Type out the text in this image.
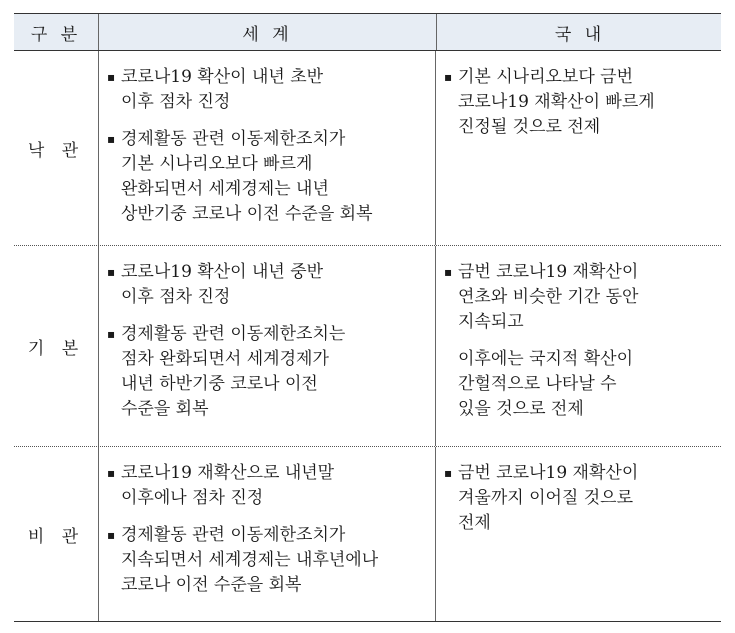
구 분	세 계	국 내
낙 관
▪ 코로나19 확산이 내년 초반
이후 점차 진정
▪ 경제활동 관련 이동제한조치가
기본 시나리오보다 빠르게
완화되면서 세계경제는 내년
상반기중 코로나 이전 수준을 회복
▪ 기본 시나리오보다 금번
코로나19 재확산이 빠르게
진정될 것으로 전제
기 본
▪ 코로나19 확산이 내년 중반
이후 점차 진정
▪ 경제활동 관련 이동제한조치는
점차 완화되면서 세계경제가
내년 하반기중 코로나 이전
수준을 회복
▪ 금번 코로나19 재확산이
연초와 비슷한 기간 동안
지속되고
이후에는 국지적 확산이
간헐적으로 나타날 수
있을 것으로 전제
비 관
▪ 코로나19 재확산으로 내년말
이후에나 점차 진정
▪ 경제활동 관련 이동제한조치가
지속되면서 세계경제는 내후년에나
코로나 이전 수준을 회복
▪ 금번 코로나19 재확산이
겨울까지 이어질 것으로
전제
